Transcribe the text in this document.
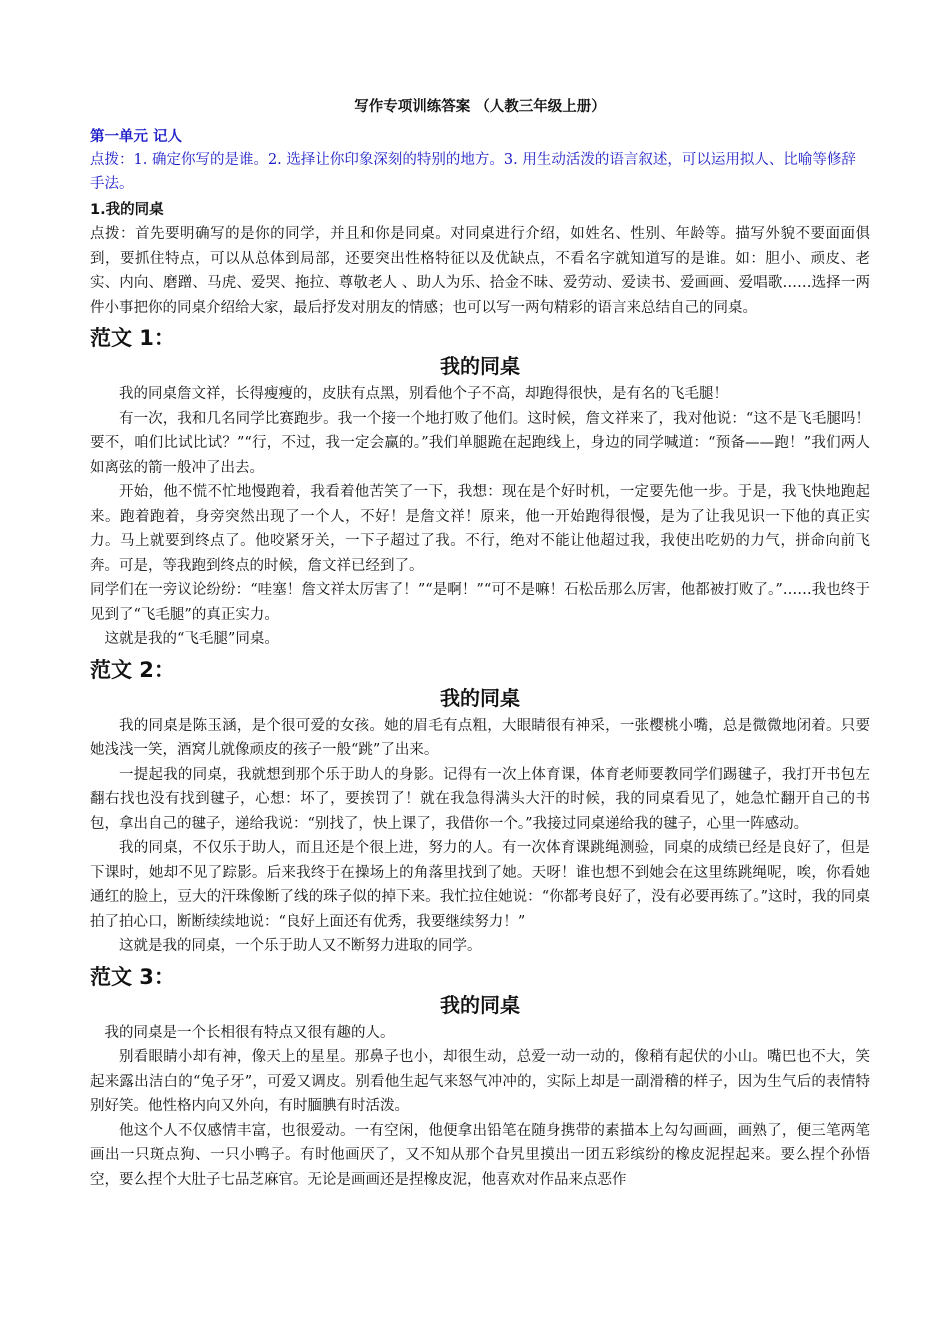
写作专项训练答案 （人教三年级上册）

第一单元 记人

点拨：1. 确定你写的是谁。2. 选择让你印象深刻的特别的地方。3. 用生动活泼的语言叙述，可以运用拟人、比喻等修辞手法。

1.我的同桌

点拨：首先要明确写的是你的同学，并且和你是同桌。对同桌进行介绍，如姓名、性别、年龄等。描写外貌不要面面俱到，要抓住特点，可以从总体到局部，还要突出性格特征以及优缺点，不看名字就知道写的是谁。如：胆小、顽皮、老实、内向、磨蹭、马虎、爱哭、拖拉、尊敬老人 、助人为乐、拾金不昧、爱劳动、爱读书、爱画画、爱唱歌……选择一两件小事把你的同桌介绍给大家，最后抒发对朋友的情感；也可以写一两句精彩的语言来总结自己的同桌。

范文 1：

我的同桌

我的同桌詹文祥，长得瘦瘦的，皮肤有点黑，别看他个子不高，却跑得很快，是有名的飞毛腿！

有一次，我和几名同学比赛跑步。我一个接一个地打败了他们。这时候，詹文祥来了，我对他说：“这不是飞毛腿吗！要不，咱们比试比试？”“行，不过，我一定会赢的。”我们单腿跪在起跑线上，身边的同学喊道：“预备——跑！”我们两人如离弦的箭一般冲了出去。

开始，他不慌不忙地慢跑着，我看着他苦笑了一下，我想：现在是个好时机，一定要先他一步。于是，我飞快地跑起来。跑着跑着，身旁突然出现了一个人，不好！是詹文祥！原来，他一开始跑得很慢，是为了让我见识一下他的真正实力。马上就要到终点了。他咬紧牙关，一下子超过了我。不行，绝对不能让他超过我，我使出吃奶的力气，拼命向前飞奔。可是，等我跑到终点的时候，詹文祥已经到了。

同学们在一旁议论纷纷：“哇塞！詹文祥太厉害了！”“是啊！”“可不是嘛！石松岳那么厉害，他都被打败了。”……我也终于见到了“飞毛腿”的真正实力。

这就是我的“飞毛腿”同桌。

范文 2：

我的同桌

我的同桌是陈玉涵，是个很可爱的女孩。她的眉毛有点粗，大眼睛很有神采，一张樱桃小嘴，总是微微地闭着。只要她浅浅一笑，酒窝儿就像顽皮的孩子一般“跳”了出来。

一提起我的同桌，我就想到那个乐于助人的身影。记得有一次上体育课，体育老师要教同学们踢毽子，我打开书包左翻右找也没有找到毽子，心想：坏了，要挨罚了！就在我急得满头大汗的时候，我的同桌看见了，她急忙翻开自己的书包，拿出自己的毽子，递给我说：“别找了，快上课了，我借你一个。”我接过同桌递给我的毽子，心里一阵感动。

我的同桌，不仅乐于助人，而且还是个很上进，努力的人。有一次体育课跳绳测验，同桌的成绩已经是良好了，但是下课时，她却不见了踪影。后来我终于在操场上的角落里找到了她。天呀！谁也想不到她会在这里练跳绳呢，唉，你看她通红的脸上，豆大的汗珠像断了线的珠子似的掉下来。我忙拉住她说：“你都考良好了，没有必要再练了。”这时，我的同桌拍了拍心口，断断续续地说：“良好上面还有优秀，我要继续努力！”

这就是我的同桌，一个乐于助人又不断努力进取的同学。

范文 3：

我的同桌

我的同桌是一个长相很有特点又很有趣的人。

别看眼睛小却有神，像天上的星星。那鼻子也小，却很生动，总爱一动一动的，像稍有起伏的小山。嘴巴也不大，笑起来露出洁白的“兔子牙”，可爱又调皮。别看他生起气来怒气冲冲的，实际上却是一副滑稽的样子，因为生气后的表情特别好笑。他性格内向又外向，有时腼腆有时活泼。

他这个人不仅感情丰富，也很爱动。一有空闲，他便拿出铅笔在随身携带的素描本上勾勾画画，画熟了，便三笔两笔画出一只斑点狗、一只小鸭子。有时他画厌了，又不知从那个旮旯里摸出一团五彩缤纷的橡皮泥捏起来。要么捏个孙悟空，要么捏个大肚子七品芝麻官。无论是画画还是捏橡皮泥，他喜欢对作品来点恶作
